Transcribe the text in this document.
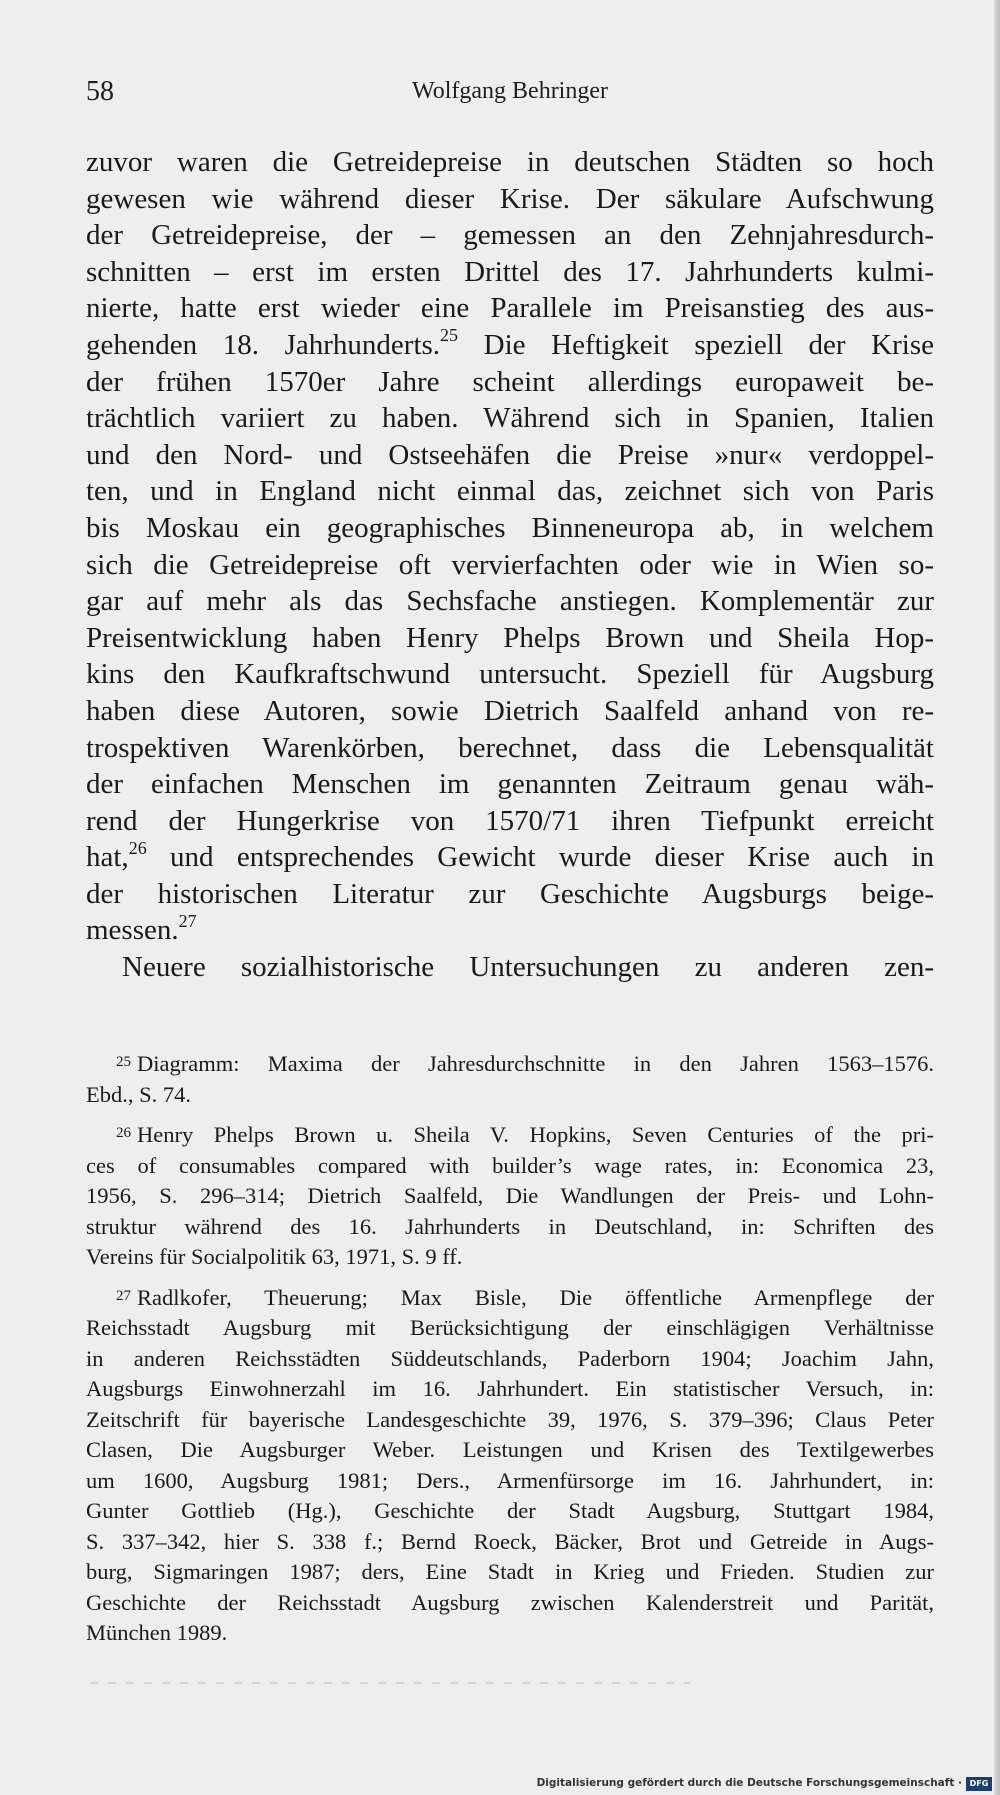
58	Wolfgang Behringer
zuvor waren die Getreidepreise in deutschen Städten so hoch
gewesen wie während dieser Krise. Der säkulare Aufschwung
der Getreidepreise, der – gemessen an den Zehnjahresdurch-
schnitten – erst im ersten Drittel des 17. Jahrhunderts kulmi-
nierte, hatte erst wieder eine Parallele im Preisanstieg des aus-
gehenden 18. Jahrhunderts.$^{25}$ Die Heftigkeit speziell der Krise
der frühen 1570er Jahre scheint allerdings europaweit be-
trächtlich variiert zu haben. Während sich in Spanien, Italien
und den Nord- und Ostseehäfen die Preise »nur« verdoppel-
ten, und in England nicht einmal das, zeichnet sich von Paris
bis Moskau ein geographisches Binneneuropa ab, in welchem
sich die Getreidepreise oft vervierfachten oder wie in Wien so-
gar auf mehr als das Sechsfache anstiegen. Komplementär zur
Preisentwicklung haben Henry Phelps Brown und Sheila Hop-
kins den Kaufkraftschwund untersucht. Speziell für Augsburg
haben diese Autoren, sowie Dietrich Saalfeld anhand von re-
trospektiven Warenkörben, berechnet, dass die Lebensqualität
der einfachen Menschen im genannten Zeitraum genau wäh-
rend der Hungerkrise von 1570/71 ihren Tiefpunkt erreicht
hat,$^{26}$ und entsprechendes Gewicht wurde dieser Krise auch in
der historischen Literatur zur Geschichte Augsburgs beige-
messen.$^{27}$
Neuere sozialhistorische Untersuchungen zu anderen zen-
$^{25}$ Diagramm: Maxima der Jahresdurchschnitte in den Jahren 1563–1576.
Ebd., S. 74.
$^{26}$ Henry Phelps Brown u. Sheila V. Hopkins, Seven Centuries of the pri-
ces of consumables compared with builder’s wage rates, in: Economica 23,
1956, S. 296–314; Dietrich Saalfeld, Die Wandlungen der Preis- und Lohn-
struktur während des 16. Jahrhunderts in Deutschland, in: Schriften des
Vereins für Socialpolitik 63, 1971, S. 9 ff.
$^{27}$ Radlkofer, Theuerung; Max Bisle, Die öffentliche Armenpflege der
Reichsstadt Augsburg mit Berücksichtigung der einschlägigen Verhältnisse
in anderen Reichsstädten Süddeutschlands, Paderborn 1904; Joachim Jahn,
Augsburgs Einwohnerzahl im 16. Jahrhundert. Ein statistischer Versuch, in:
Zeitschrift für bayerische Landesgeschichte 39, 1976, S. 379–396; Claus Peter
Clasen, Die Augsburger Weber. Leistungen und Krisen des Textilgewerbes
um 1600, Augsburg 1981; Ders., Armenfürsorge im 16. Jahrhundert, in:
Gunter Gottlieb (Hg.), Geschichte der Stadt Augsburg, Stuttgart 1984,
S. 337–342, hier S. 338 f.; Bernd Roeck, Bäcker, Brot und Getreide in Augs-
burg, Sigmaringen 1987; ders, Eine Stadt in Krieg und Frieden. Studien zur
Geschichte der Reichsstadt Augsburg zwischen Kalenderstreit und Parität,
München 1989.
Digitalisierung gefördert durch die Deutsche Forschungsgemeinschaft · DFG
